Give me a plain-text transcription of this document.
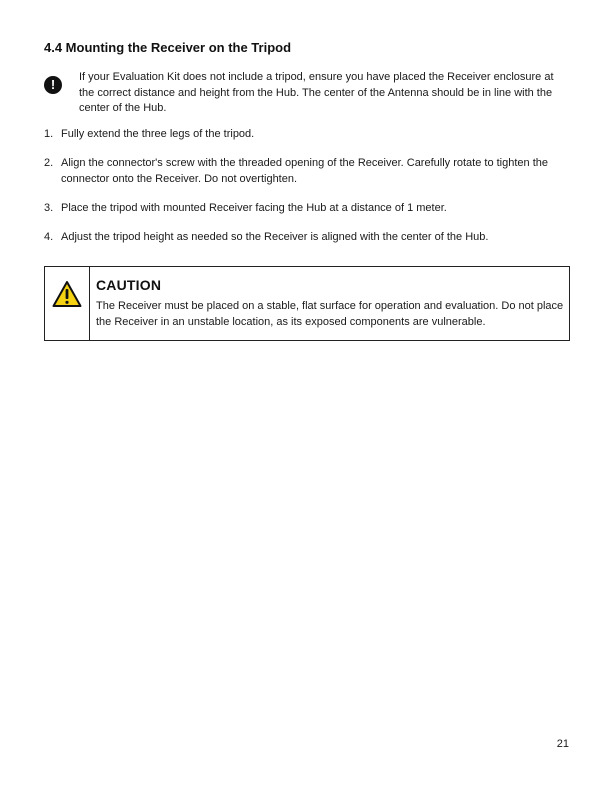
4.4 Mounting the Receiver on the Tripod
!	If your Evaluation Kit does not include a tripod, ensure you have placed the Receiver enclosure at the correct distance and height from the Hub. The center of the Antenna should be in line with the center of the Hub.
1. Fully extend the three legs of the tripod.
2. Align the connector's screw with the threaded opening of the Receiver. Carefully rotate to tighten the connector onto the Receiver. Do not overtighten.
3. Place the tripod with mounted Receiver facing the Hub at a distance of 1 meter.
4. Adjust the tripod height as needed so the Receiver is aligned with the center of the Hub.
CAUTION
The Receiver must be placed on a stable, flat surface for operation and evaluation. Do not place the Receiver in an unstable location, as its exposed components are vulnerable.
21
